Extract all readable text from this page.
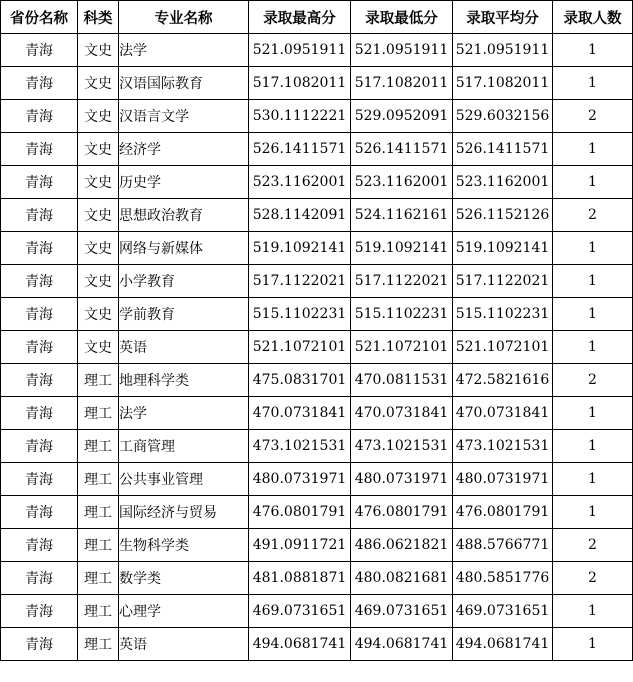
省份名称	科类	专业名称	录取最高分	录取最低分	录取平均分	录取人数
青海	文史	法学	521.0951911	521.0951911	521.0951911	1
青海	文史	汉语国际教育	517.1082011	517.1082011	517.1082011	1
青海	文史	汉语言文学	530.1112221	529.0952091	529.6032156	2
青海	文史	经济学	526.1411571	526.1411571	526.1411571	1
青海	文史	历史学	523.1162001	523.1162001	523.1162001	1
青海	文史	思想政治教育	528.1142091	524.1162161	526.1152126	2
青海	文史	网络与新媒体	519.1092141	519.1092141	519.1092141	1
青海	文史	小学教育	517.1122021	517.1122021	517.1122021	1
青海	文史	学前教育	515.1102231	515.1102231	515.1102231	1
青海	文史	英语	521.1072101	521.1072101	521.1072101	1
青海	理工	地理科学类	475.0831701	470.0811531	472.5821616	2
青海	理工	法学	470.0731841	470.0731841	470.0731841	1
青海	理工	工商管理	473.1021531	473.1021531	473.1021531	1
青海	理工	公共事业管理	480.0731971	480.0731971	480.0731971	1
青海	理工	国际经济与贸易	476.0801791	476.0801791	476.0801791	1
青海	理工	生物科学类	491.0911721	486.0621821	488.5766771	2
青海	理工	数学类	481.0881871	480.0821681	480.5851776	2
青海	理工	心理学	469.0731651	469.0731651	469.0731651	1
青海	理工	英语	494.0681741	494.0681741	494.0681741	1
